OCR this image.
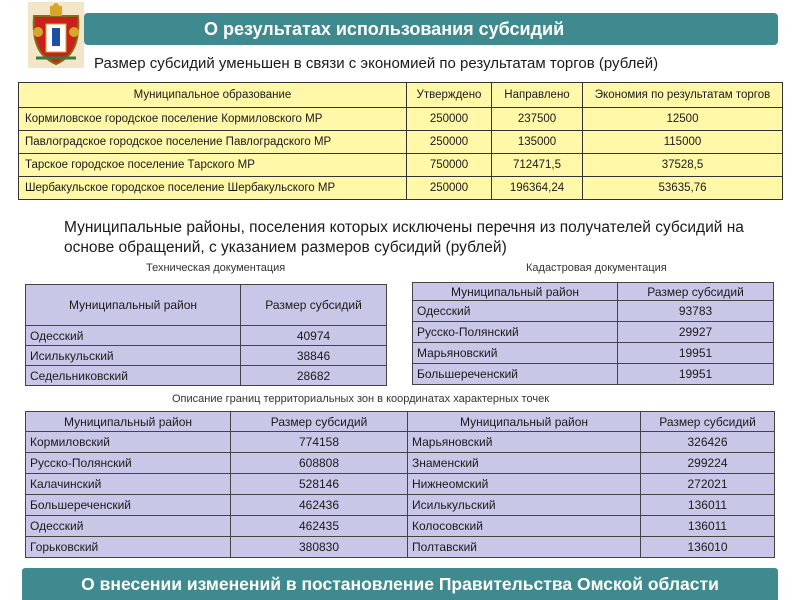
О результатах использования субсидий
Размер субсидий уменьшен в связи с экономией по результатам торгов (рублей)
Муниципальное образование	Утверждено	Направлено	Экономия по результатам торгов
Кормиловское городское поселение Кормиловского МР	250000	237500	12500
Павлоградское городское поселение Павлоградского МР	250000	135000	115000
Тарское городское поселение Тарского МР	750000	712471,5	37528,5
Шербакульское городское поселение Шербакульского МР	250000	196364,24	53635,76
Муниципальные районы, поселения которых исключены перечня из получателей субсидий на основе обращений, с указанием размеров субсидий (рублей)
Техническая документация	Кадастровая документация
Муниципальный район	Размер субсидий
Одесский	40974
Исилькульский	38846
Седельниковский	28682
Муниципальный район	Размер субсидий
Одесский	93783
Русско-Полянский	29927
Марьяновский	19951
Большереченский	19951
Описание границ территориальных зон в координатах характерных точек
Муниципальный район	Размер субсидий	Муниципальный район	Размер субсидий
Кормиловский	774158	Марьяновский	326426
Русско-Полянский	608808	Знаменский	299224
Калачинский	528146	Нижнеомский	272021
Большереченский	462436	Исилькульский	136011
Одесский	462435	Колосовский	136011
Горьковский	380830	Полтавский	136010
О внесении изменений в постановление Правительства Омской области
